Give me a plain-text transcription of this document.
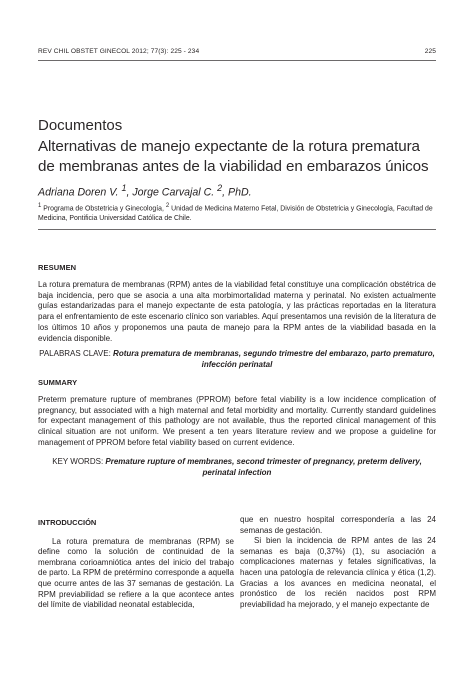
REV CHIL OBSTET GINECOL 2012; 77(3): 225 - 234	225
Documentos
Alternativas de manejo expectante de la rotura prematura
de membranas antes de la viabilidad en embarazos únicos
Adriana Doren V. $^1$, Jorge Carvajal C. $^2$, PhD.
$^1$ Programa de Obstetricia y Ginecología, $^2$ Unidad de Medicina Materno Fetal, División de Obstetricia y Ginecología, Facultad de Medicina, Pontificia Universidad Católica de Chile.
RESUMEN
La rotura prematura de membranas (RPM) antes de la viabilidad fetal constituye una complicación obstétrica de baja incidencia, pero que se asocia a una alta morbimortalidad materna y perinatal. No existen actualmente guías estandarizadas para el manejo expectante de esta patología, y las prácticas reportadas en la literatura para el enfrentamiento de este escenario clínico son variables. Aquí presentamos una revisión de la literatura de los últimos 10 años y proponemos una pauta de manejo para la RPM antes de la viabilidad basada en la evidencia disponible.
PALABRAS CLAVE: Rotura prematura de membranas, segundo trimestre del embarazo, parto prematuro, infección perinatal
SUMMARY
Preterm premature rupture of membranes (PPROM) before fetal viability is a low incidence complication of pregnancy, but associated with a high maternal and fetal morbidity and mortality. Currently standard guidelines for expectant management of this pathology are not available, thus the reported clinical management of this clinical situation are not uniform. We present a ten years literature review and we propose a guideline for management of PPROM before fetal viability based on current evidence.
KEY WORDS: Premature rupture of membranes, second trimester of pregnancy, preterm delivery, perinatal infection

INTRODUCCIÓN

La rotura prematura de membranas (RPM) se define como la solución de continuidad de la membrana corioamniótica antes del inicio del trabajo de parto. La RPM de pretérmino corresponde a aquella que ocurre antes de las 37 semanas de gestación. La RPM previabilidad se refiere a la que acontece antes del límite de viabilidad neonatal establecida,

que en nuestro hospital correspondería a las 24 semanas de gestación.

Si bien la incidencia de RPM antes de las 24 semanas es baja (0,37%) (1), su asociación a complicaciones maternas y fetales significativas, la hacen una patología de relevancia clínica y ética (1,2). Gracias a los avances en medicina neonatal, el pronóstico de los recién nacidos post RPM previabilidad ha mejorado, y el manejo expectante de
